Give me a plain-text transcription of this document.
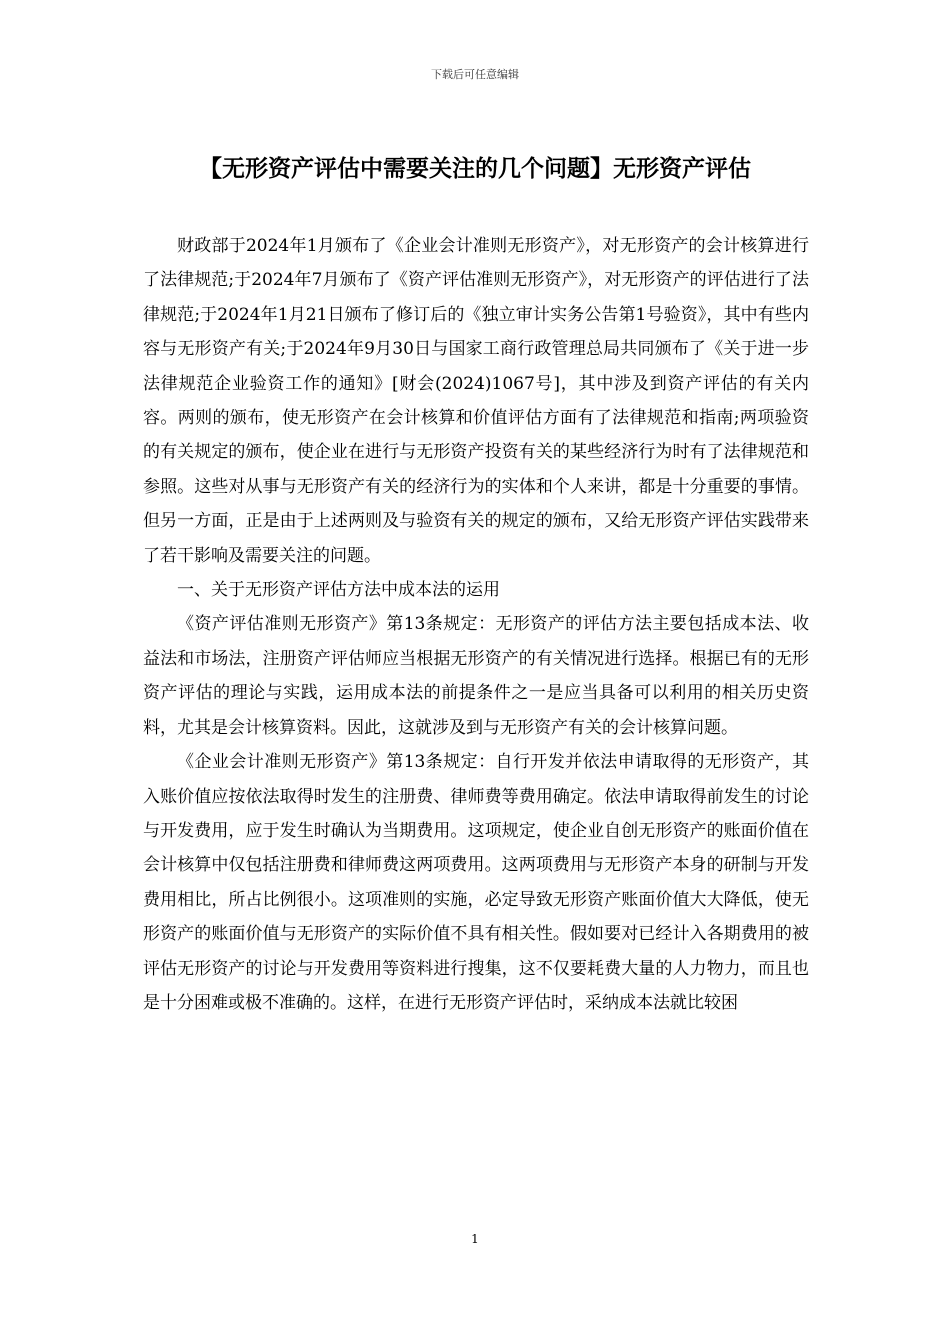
下载后可任意编辑
【无形资产评估中需要关注的几个问题】无形资产评估

财政部于2024年1月颁布了《企业会计准则无形资产》，对无形资产的会计核算进行了法律规范;于2024年7月颁布了《资产评估准则无形资产》，对无形资产的评估进行了法律规范;于2024年1月21日颁布了修订后的《独立审计实务公告第1号验资》，其中有些内容与无形资产有关;于2024年9月30日与国家工商行政管理总局共同颁布了《关于进一步法律规范企业验资工作的通知》[财会(2024)1067号]，其中涉及到资产评估的有关内容。两则的颁布，使无形资产在会计核算和价值评估方面有了法律规范和指南;两项验资的有关规定的颁布，使企业在进行与无形资产投资有关的某些经济行为时有了法律规范和参照。这些对从事与无形资产有关的经济行为的实体和个人来讲，都是十分重要的事情。但另一方面，正是由于上述两则及与验资有关的规定的颁布，又给无形资产评估实践带来了若干影响及需要关注的问题。

一、关于无形资产评估方法中成本法的运用

《资产评估准则无形资产》第13条规定：无形资产的评估方法主要包括成本法、收益法和市场法，注册资产评估师应当根据无形资产的有关情况进行选择。根据已有的无形资产评估的理论与实践，运用成本法的前提条件之一是应当具备可以利用的相关历史资料，尤其是会计核算资料。因此，这就涉及到与无形资产有关的会计核算问题。

《企业会计准则无形资产》第13条规定：自行开发并依法申请取得的无形资产，其入账价值应按依法取得时发生的注册费、律师费等费用确定。依法申请取得前发生的讨论与开发费用，应于发生时确认为当期费用。这项规定，使企业自创无形资产的账面价值在会计核算中仅包括注册费和律师费这两项费用。这两项费用与无形资产本身的研制与开发费用相比，所占比例很小。这项准则的实施，必定导致无形资产账面价值大大降低，使无形资产的账面价值与无形资产的实际价值不具有相关性。假如要对已经计入各期费用的被评估无形资产的讨论与开发费用等资料进行搜集，这不仅要耗费大量的人力物力，而且也是十分困难或极不准确的。这样，在进行无形资产评估时，采纳成本法就比较困

1
